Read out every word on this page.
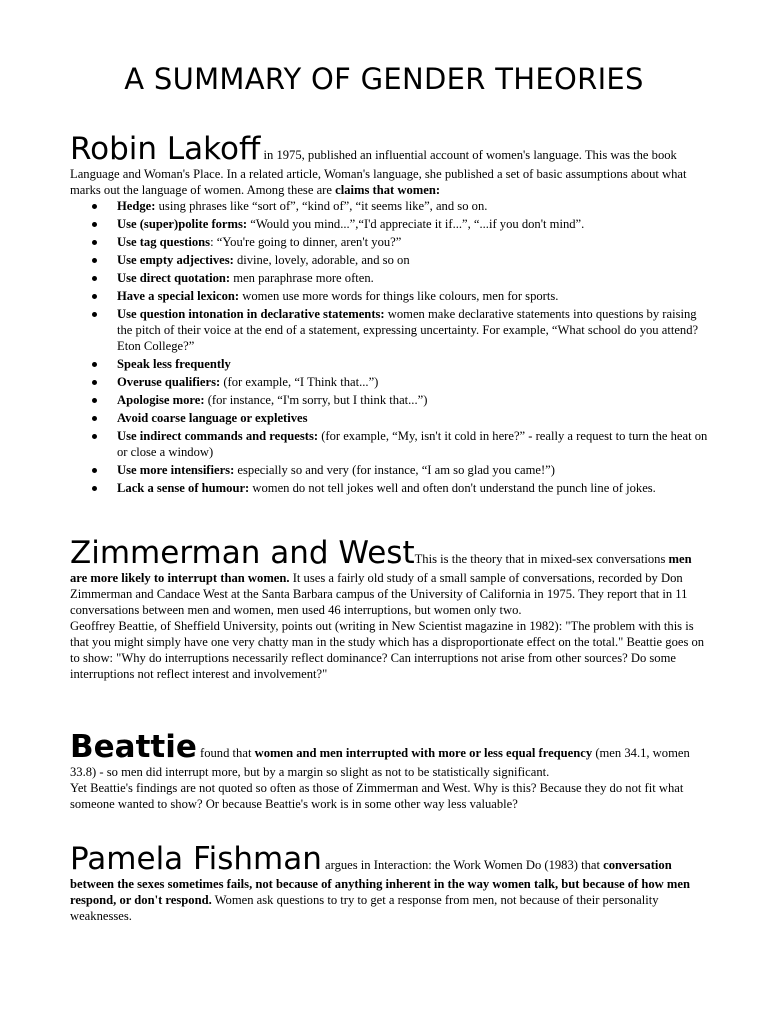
A SUMMARY OF GENDER THEORIES

Robin Lakoff in 1975, published an influential account of women's language. This was the book Language and Woman's Place. In a related article, Woman's language, she published a set of basic assumptions about what marks out the language of women. Among these are claims that women:

Hedge: using phrases like “sort of”, “kind of”, “it seems like”, and so on.
Use (super)polite forms: “Would you mind...”,“I'd appreciate it if...”, “...if you don't mind”.
Use tag questions: “You're going to dinner, aren't you?”
Use empty adjectives: divine, lovely, adorable, and so on
Use direct quotation: men paraphrase more often.
Have a special lexicon: women use more words for things like colours, men for sports.
Use question intonation in declarative statements: women make declarative statements into questions by raising the pitch of their voice at the end of a statement, expressing uncertainty. For example, “What school do you attend? Eton College?”
Speak less frequently
Overuse qualifiers: (for example, “I Think that...”)
Apologise more: (for instance, “I'm sorry, but I think that...”)
Avoid coarse language or expletives
Use indirect commands and requests: (for example, “My, isn't it cold in here?” - really a request to turn the heat on or close a window)
Use more intensifiers: especially so and very (for instance, “I am so glad you came!”)
Lack a sense of humour: women do not tell jokes well and often don't understand the punch line of jokes.

Zimmerman and WestThis is the theory that in mixed-sex conversations men are more likely to interrupt than women. It uses a fairly old study of a small sample of conversations, recorded by Don Zimmerman and Candace West at the Santa Barbara campus of the University of California in 1975. They report that in 11 conversations between men and women, men used 46 interruptions, but women only two.

Geoffrey Beattie, of Sheffield University, points out (writing in New Scientist magazine in 1982): "The problem with this is that you might simply have one very chatty man in the study which has a disproportionate effect on the total." Beattie goes on to show: "Why do interruptions necessarily reflect dominance? Can interruptions not arise from other sources? Do some interruptions not reflect interest and involvement?"

Beattie found that women and men interrupted with more or less equal frequency (men 34.1, women 33.8) - so men did interrupt more, but by a margin so slight as not to be statistically significant.

Yet Beattie's findings are not quoted so often as those of Zimmerman and West. Why is this? Because they do not fit what someone wanted to show? Or because Beattie's work is in some other way less valuable?

Pamela Fishman argues in Interaction: the Work Women Do (1983) that conversation between the sexes sometimes fails, not because of anything inherent in the way women talk, but because of how men respond, or don't respond. Women ask questions to try to get a response from men, not because of their personality weaknesses.
